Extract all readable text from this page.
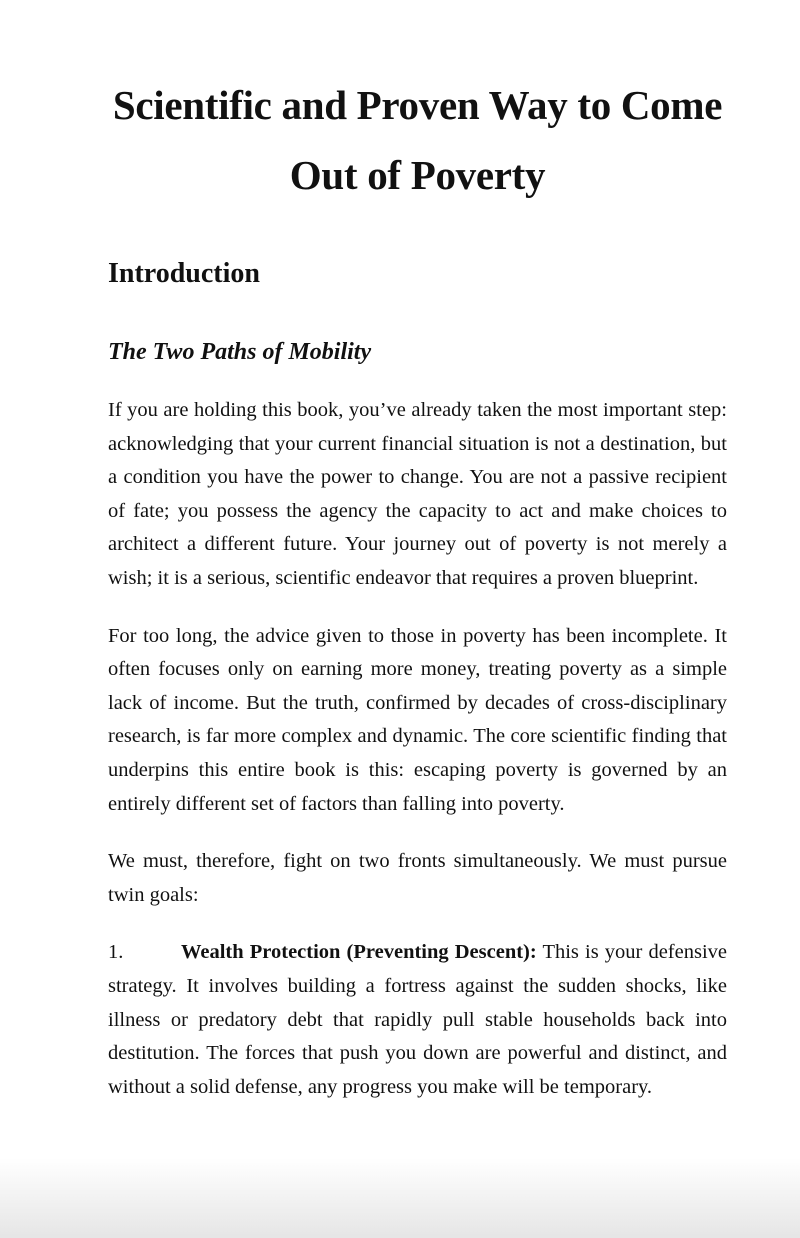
Scientific and Proven Way to Come Out of Poverty
Introduction
The Two Paths of Mobility

If you are holding this book, you’ve already taken the most important step: acknowledging that your current financial situation is not a destination, but a condition you have the power to change. You are not a passive recipient of fate; you possess the agency the capacity to act and make choices to architect a different future. Your journey out of poverty is not merely a wish; it is a serious, scientific endeavor that requires a proven blueprint.

For too long, the advice given to those in poverty has been incomplete. It often focuses only on earning more money, treating poverty as a simple lack of income. But the truth, confirmed by decades of cross-disciplinary research, is far more complex and dynamic. The core scientific finding that underpins this entire book is this: escaping poverty is governed by an entirely different set of factors than falling into poverty.

We must, therefore, fight on two fronts simultaneously. We must pursue twin goals:

1.	Wealth Protection (Preventing Descent): This is your defensive strategy. It involves building a fortress against the sudden shocks, like illness or predatory debt that rapidly pull stable households back into destitution. The forces that push you down are powerful and distinct, and without a solid defense, any progress you make will be temporary.
